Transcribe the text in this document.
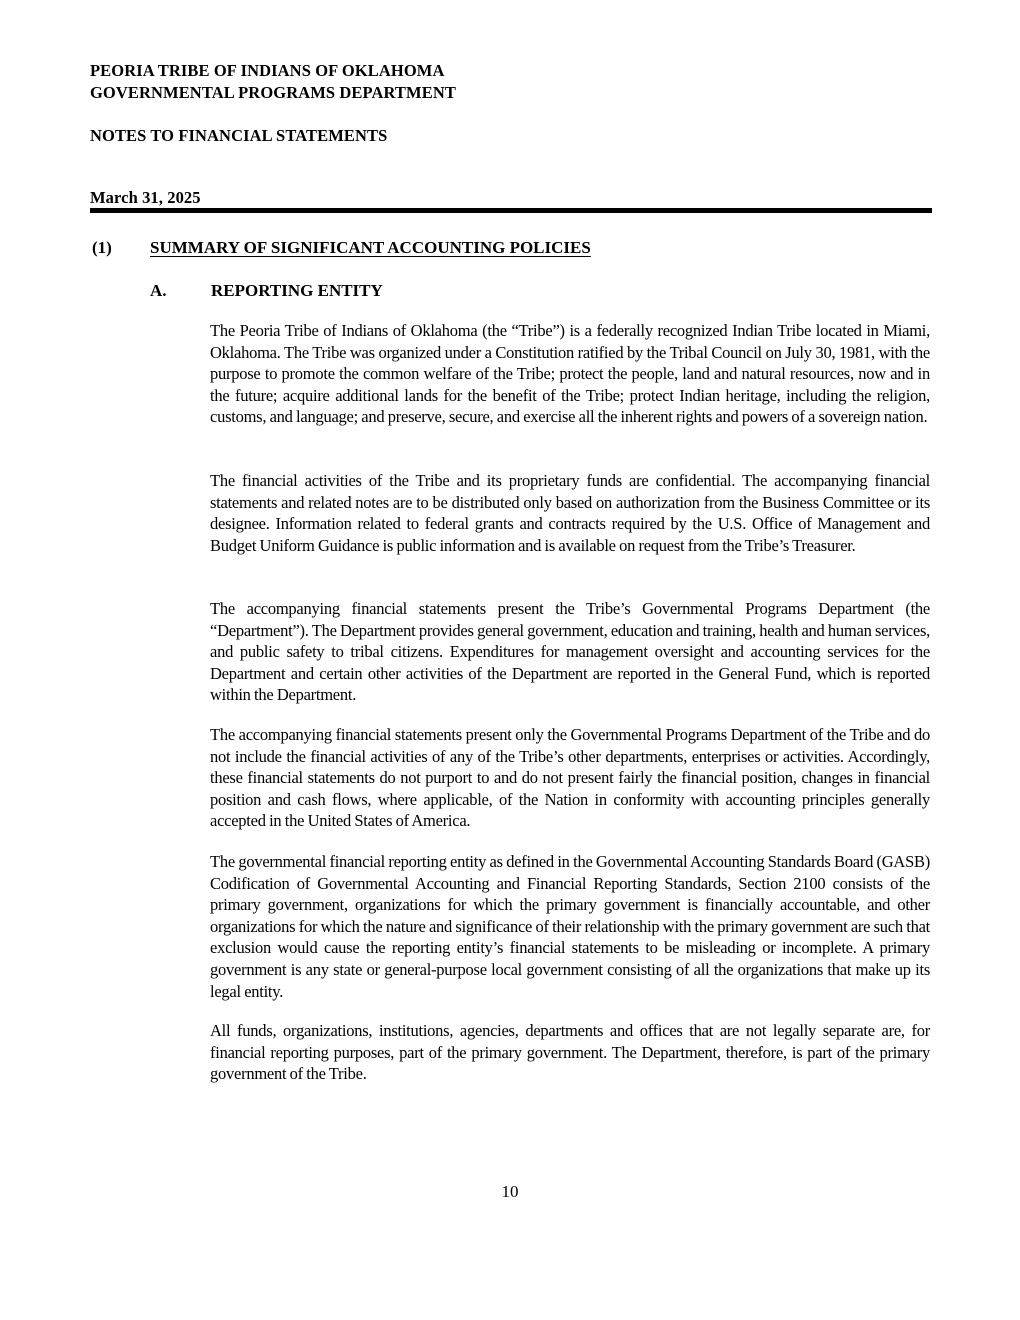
PEORIA TRIBE OF INDIANS OF OKLAHOMA
GOVERNMENTAL PROGRAMS DEPARTMENT
NOTES TO FINANCIAL STATEMENTS
March 31, 2025
(1) SUMMARY OF SIGNIFICANT ACCOUNTING POLICIES
A.	REPORTING ENTITY

The Peoria Tribe of Indians of Oklahoma (the “Tribe”) is a federally recognized Indian Tribe located in Miami, Oklahoma. The Tribe was organized under a Constitution ratified by the Tribal Council on July 30, 1981, with the purpose to promote the common welfare of the Tribe; protect the people, land and natural resources, now and in the future; acquire additional lands for the benefit of the Tribe; protect Indian heritage, including the religion, customs, and language; and preserve, secure, and exercise all the inherent rights and powers of a sovereign nation.

The financial activities of the Tribe and its proprietary funds are confidential. The accompanying financial statements and related notes are to be distributed only based on authorization from the Business Committee or its designee. Information related to federal grants and contracts required by the U.S. Office of Management and Budget Uniform Guidance is public information and is available on request from the Tribe’s Treasurer.

The accompanying financial statements present the Tribe’s Governmental Programs Department (the “Department”). The Department provides general government, education and training, health and human services, and public safety to tribal citizens. Expenditures for management oversight and accounting services for the Department and certain other activities of the Department are reported in the General Fund, which is reported within the Department.

The accompanying financial statements present only the Governmental Programs Department of the Tribe and do not include the financial activities of any of the Tribe’s other departments, enterprises or activities. Accordingly, these financial statements do not purport to and do not present fairly the financial position, changes in financial position and cash flows, where applicable, of the Nation in conformity with accounting principles generally accepted in the United States of America.

The governmental financial reporting entity as defined in the Governmental Accounting Standards Board (GASB) Codification of Governmental Accounting and Financial Reporting Standards, Section 2100 consists of the primary government, organizations for which the primary government is financially accountable, and other organizations for which the nature and significance of their relationship with the primary government are such that exclusion would cause the reporting entity’s financial statements to be misleading or incomplete. A primary government is any state or general-purpose local government consisting of all the organizations that make up its legal entity.

All funds, organizations, institutions, agencies, departments and offices that are not legally separate are, for financial reporting purposes, part of the primary government. The Department, therefore, is part of the primary government of the Tribe.

10
